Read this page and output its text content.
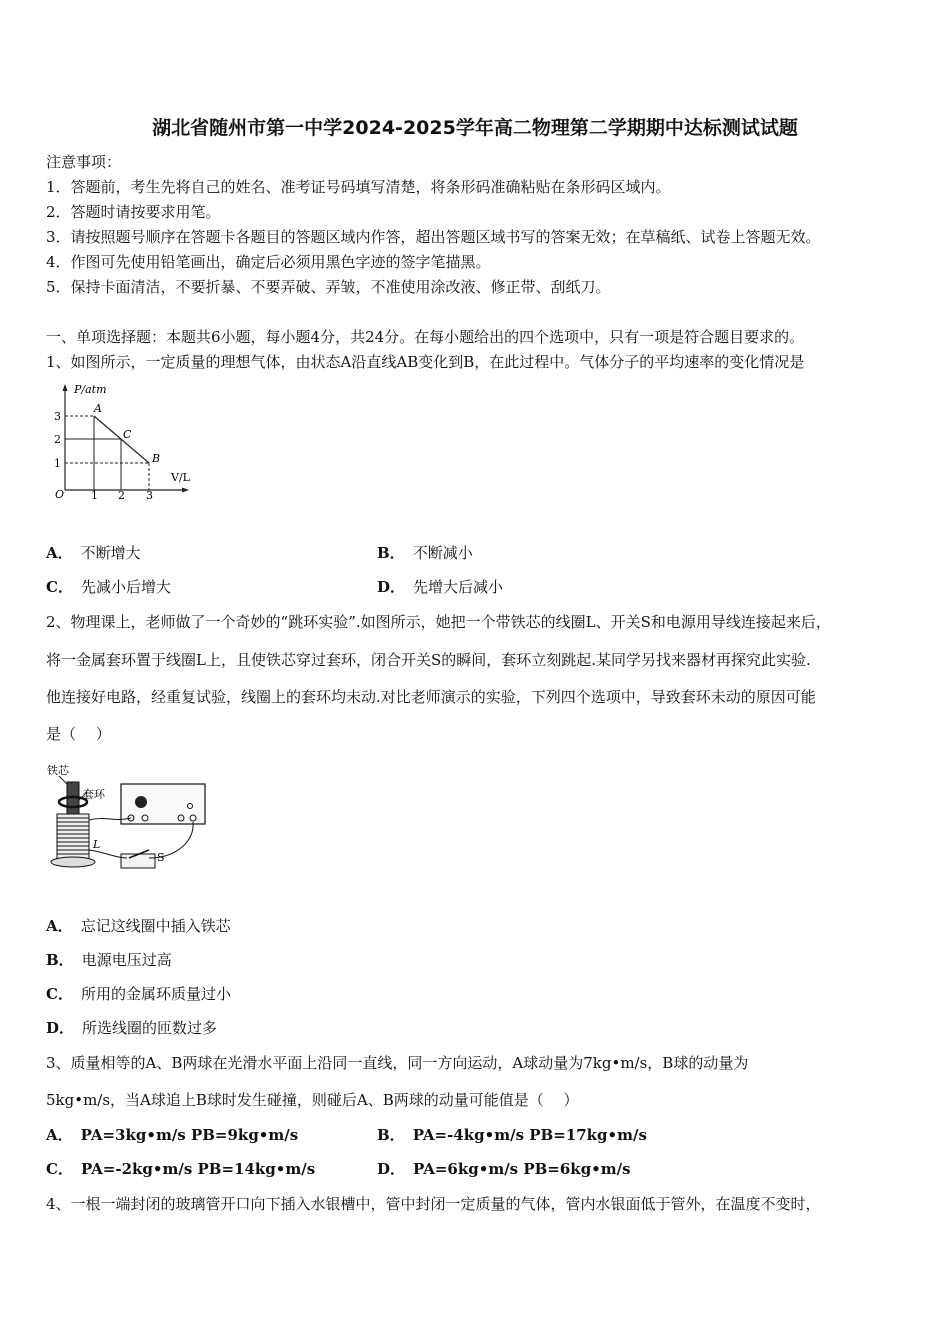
湖北省随州市第一中学2024-2025学年高二物理第二学期期中达标测试试题
注意事项：
1．答题前，考生先将自己的姓名、准考证号码填写清楚，将条形码准确粘贴在条形码区域内。
2．答题时请按要求用笔。
3．请按照题号顺序在答题卡各题目的答题区域内作答，超出答题区域书写的答案无效；在草稿纸、试卷上答题无效。
4．作图可先使用铅笔画出，确定后必须用黑色字迹的签字笔描黑。
5．保持卡面清洁，不要折暴、不要弄破、弄皱，不准使用涂改液、修正带、刮纸刀。
一、单项选择题：本题共6小题，每小题4分，共24分。在每小题给出的四个选项中，只有一项是符合题目要求的。
1、如图所示，一定质量的理想气体，由状态A沿直线AB变化到B，在此过程中。气体分子的平均速率的变化情况是
P/atm
V/L
O 1 2 3
1
2
3
A
C
B
A． 不断增大	B． 不断减小
C． 先减小后增大	D． 先增大后减小
2、物理课上，老师做了一个奇妙的“跳环实验”.如图所示，她把一个带铁芯的线圈L、开关S和电源用导线连接起来后，
将一金属套环置于线圈L上，且使铁芯穿过套环，闭合开关S的瞬间，套环立刻跳起.某同学另找来器材再探究此实验.
他连接好电路，经重复试验，线圈上的套环均未动.对比老师演示的实验，下列四个选项中，导致套环未动的原因可能
是（　 ）
铁芯
套环
L
S
A． 忘记这线圈中插入铁芯
B． 电源电压过高
C． 所用的金属环质量过小
D． 所选线圈的匝数过多
3、质量相等的A、B两球在光滑水平面上沿同一直线，同一方向运动，A球动量为7kg•m/s，B球的动量为
5kg•m/s，当A球追上B球时发生碰撞，则碰后A、B两球的动量可能值是（　 ）
A． PA=3kg•m/s PB=9kg•m/s	B． PA=-4kg•m/s PB=17kg•m/s
C． PA=-2kg•m/s PB=14kg•m/s	D． PA=6kg•m/s PB=6kg•m/s
4、一根一端封闭的玻璃管开口向下插入水银槽中，管中封闭一定质量的气体，管内水银面低于管外，在温度不变时，
